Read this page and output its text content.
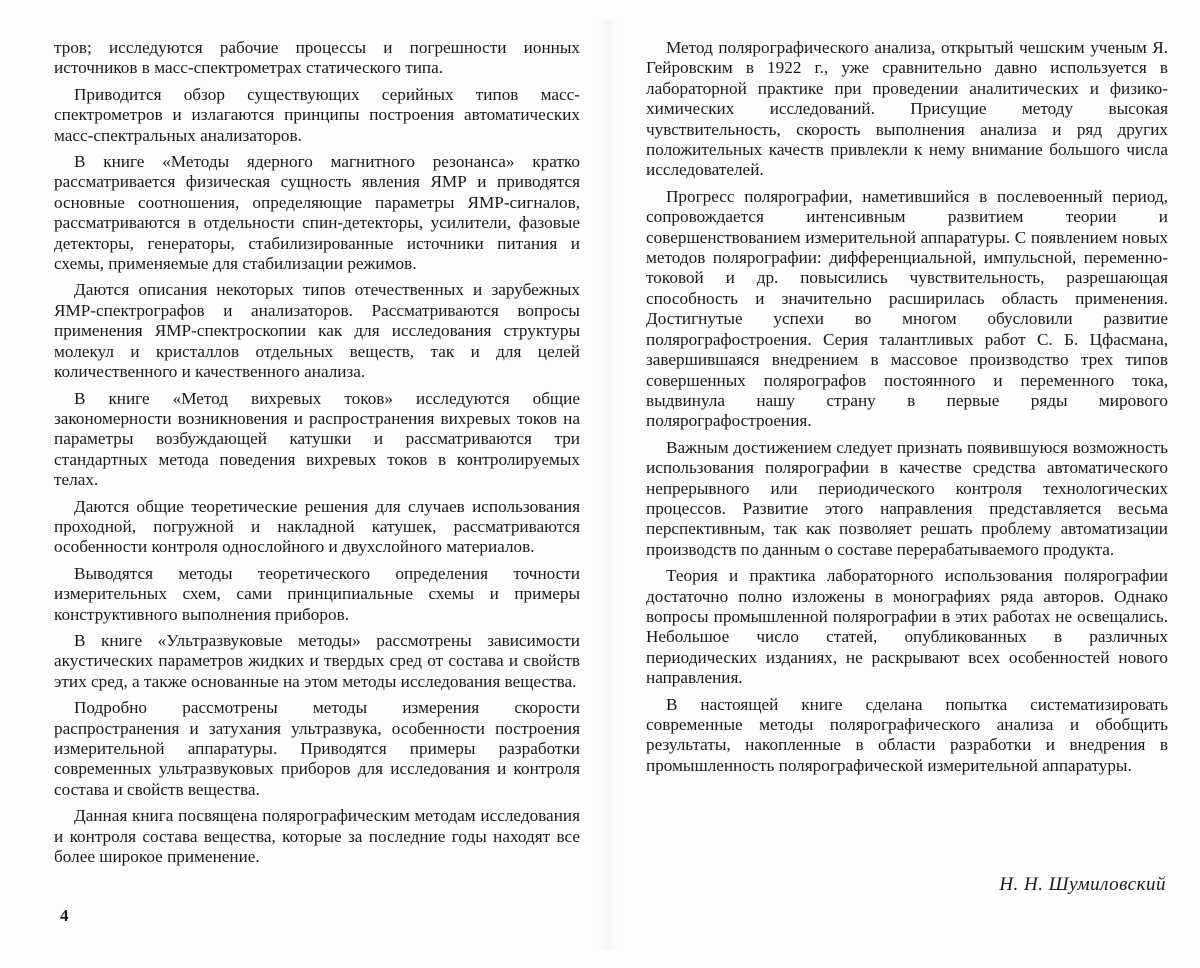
тров; исследуются рабочие процессы и погрешности ионных источников в масс-спектрометрах статического типа.

Приводится обзор существующих серийных типов масс-спектрометров и излагаются принципы построения автоматических масс-спектральных анализаторов.

В книге «Методы ядерного магнитного резонанса» кратко рассматривается физическая сущность явления ЯМР и приводятся основные соотношения, определяющие параметры ЯМР-сигналов, рассматриваются в отдельности спин-детекторы, усилители, фазовые детекторы, генераторы, стабилизированные источники питания и схемы, применяемые для стабилизации режимов.

Даются описания некоторых типов отечественных и зарубежных ЯМР-спектрографов и анализаторов. Рассматриваются вопросы применения ЯМР-спектроскопии как для исследования структуры молекул и кристаллов отдельных веществ, так и для целей количественного и качественного анализа.

В книге «Метод вихревых токов» исследуются общие закономерности возникновения и распространения вихревых токов на параметры возбуждающей катушки и рассматриваются три стандартных метода поведения вихревых токов в контролируемых телах.

Даются общие теоретические решения для случаев использования проходной, погружной и накладной катушек, рассматриваются особенности контроля однослойного и двухслойного материалов.

Выводятся методы теоретического определения точности измерительных схем, сами принципиальные схемы и примеры конструктивного выполнения приборов.

В книге «Ультразвуковые методы» рассмотрены зависимости акустических параметров жидких и твердых сред от состава и свойств этих сред, а также основанные на этом методы исследования вещества.

Подробно рассмотрены методы измерения скорости распространения и затухания ультразвука, особенности построения измерительной аппаратуры. Приводятся примеры разработки современных ультразвуковых приборов для исследования и контроля состава и свойств вещества.

Данная книга посвящена полярографическим методам исследования и контроля состава вещества, которые за последние годы находят все более широкое применение.

Метод полярографического анализа, открытый чешским ученым Я. Гейровским в 1922 г., уже сравнительно давно используется в лабораторной практике при проведении аналитических и физико-химических исследований. Присущие методу высокая чувствительность, скорость выполнения анализа и ряд других положительных качеств привлекли к нему внимание большого числа исследователей.

Прогресс полярографии, наметившийся в послевоенный период, сопровождается интенсивным развитием теории и совершенствованием измерительной аппаратуры. С появлением новых методов полярографии: дифференциальной, импульсной, переменно-токовой и др. повысились чувствительность, разрешающая способность и значительно расширилась область применения. Достигнутые успехи во многом обусловили развитие полярографостроения. Серия талантливых работ С. Б. Цфасмана, завершившаяся внедрением в массовое производство трех типов совершенных полярографов постоянного и переменного тока, выдвинула нашу страну в первые ряды мирового полярографостроения.

Важным достижением следует признать появившуюся возможность использования полярографии в качестве средства автоматического непрерывного или периодического контроля технологических процессов. Развитие этого направления представляется весьма перспективным, так как позволяет решать проблему автоматизации производств по данным о составе перерабатываемого продукта.

Теория и практика лабораторного использования полярографии достаточно полно изложены в монографиях ряда авторов. Однако вопросы промышленной полярографии в этих работах не освещались. Небольшое число статей, опубликованных в различных периодических изданиях, не раскрывают всех особенностей нового направления.

В настоящей книге сделана попытка систематизировать современные методы полярографического анализа и обобщить результаты, накопленные в области разработки и внедрения в промышленность полярографической измерительной аппаратуры.

4
Н. Н. Шумиловский
